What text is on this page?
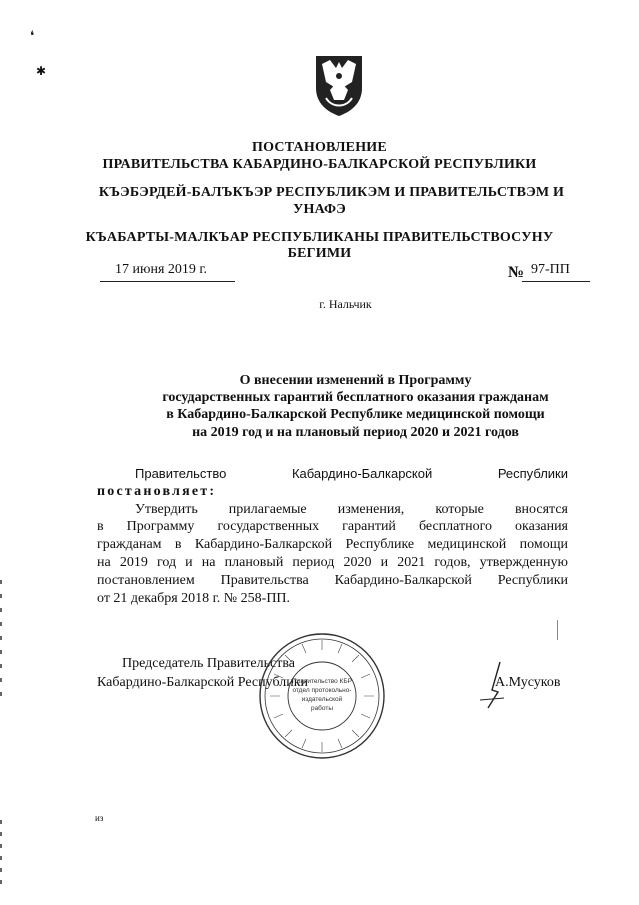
ПОСТАНОВЛЕНИЕ
ПРАВИТЕЛЬСТВА КАБАРДИНО-БАЛКАРСКОЙ РЕСПУБЛИКИ
КЪЭБЭРДЕЙ-БАЛЪКЪЭР РЕСПУБЛИКЭМ И ПРАВИТЕЛЬСТВЭМ И
УНАФЭ
КЪАБАРТЫ-МАЛКЪАР РЕСПУБЛИКАНЫ ПРАВИТЕЛЬСТВОСУНУ
БЕГИМИ
17 июня 2019 г.	№ 97-ПП
г. Нальчик
О внесении изменений в Программу
государственных гарантий бесплатного оказания гражданам
в Кабардино-Балкарской Республике медицинской помощи
на 2019 год и на плановый период 2020 и 2021 годов
Правительство Кабардино-Балкарской Республики
постановляет:
Утвердить прилагаемые изменения, которые вносятся
в Программу государственных гарантий бесплатного оказания
гражданам в Кабардино-Балкарской Республике медицинской помощи
на 2019 год и на плановый период 2020 и 2021 годов, утвержденную
постановлением Правительства Кабардино-Балкарской Республики
от 21 декабря 2018 г. № 258-ПП.
Председатель Правительства
Кабардино-Балкарской Республики	А.Мусуков
Правительство КБР
отдел протокольно-
издательской
работы
❛
✱
из
